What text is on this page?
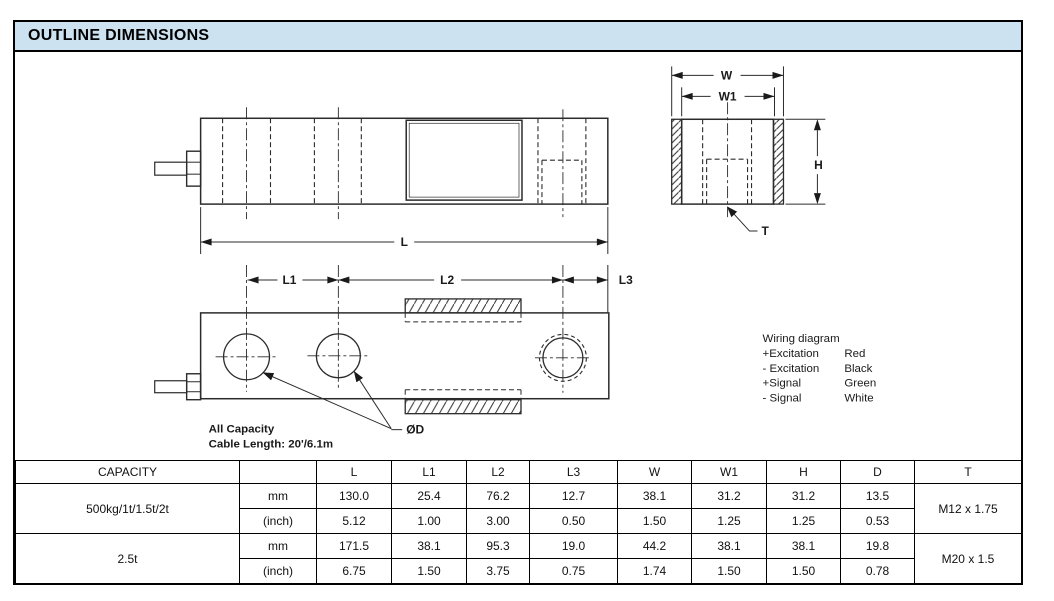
OUTLINE DIMENSIONS
L
L1	L2	L3
ØD
All Capacity
Cable Length: 20'/6.1m
W
W1
H
T
Wiring diagram
+Excitation Red
- Excitation Black
+Signal	Green
- Signal	White
CAPACITY		L	L1	L2	L3	W	W1	H	D	T
500kg/1t/1.5t/2t	mm	130.0	25.4	76.2	12.7	38.1	31.2	31.2	13.5	M12 x 1.75
	(inch)	5.12	1.00	3.00	0.50	1.50	1.25	1.25	0.53	
2.5t	mm	171.5	38.1	95.3	19.0	44.2	38.1	38.1	19.8	M20 x 1.5
	(inch)	6.75	1.50	3.75	0.75	1.74	1.50	1.50	0.78	
